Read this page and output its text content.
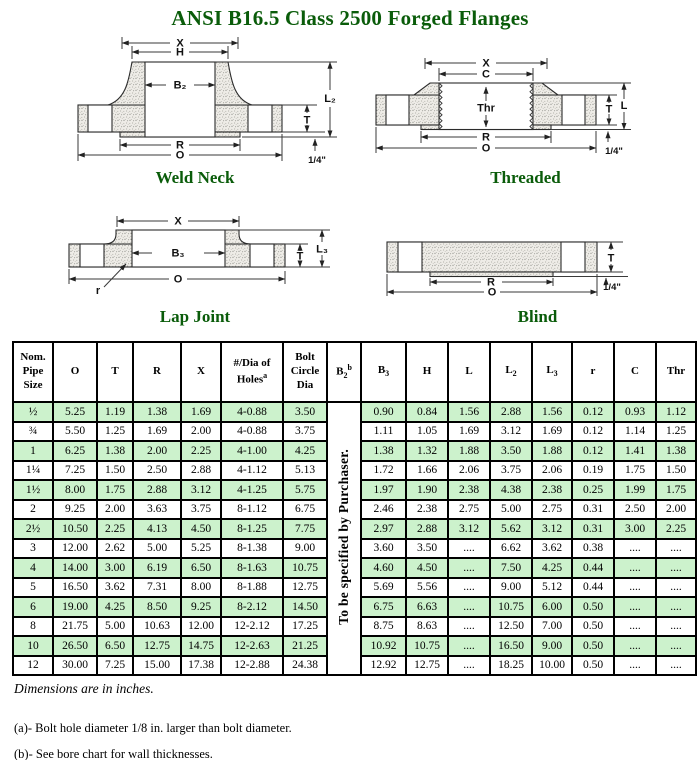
ANSI B16.5 Class 2500 Forged Flanges
X
H
B₂
L₂
T
R
O	1/4"
Weld Neck
X
C
Thr	L
T
R
O	1/4"
Threaded
X
B₃	L₃
T
O
r
Lap Joint
T
R
O	1/4"
Blind
Nom. Pipe Size	O	T	R	X	#/Dia of Holes$^a$	Bolt Circle Dia	$B_2^b$	$B_3$	H	L	$L_2$	$L_3$	r	C	Thr
½	5.25	1.19	1.38	1.69	4-0.88	3.50	To be specified by Purchaser.	0.90	0.84	1.56	2.88	1.56	0.12	0.93	1.12
¾	5.50	1.25	1.69	2.00	4-0.88	3.75		1.11	1.05	1.69	3.12	1.69	0.12	1.14	1.25
1	6.25	1.38	2.00	2.25	4-1.00	4.25		1.38	1.32	1.88	3.50	1.88	0.12	1.41	1.38
1¼	7.25	1.50	2.50	2.88	4-1.12	5.13		1.72	1.66	2.06	3.75	2.06	0.19	1.75	1.50
1½	8.00	1.75	2.88	3.12	4-1.25	5.75		1.97	1.90	2.38	4.38	2.38	0.25	1.99	1.75
2	9.25	2.00	3.63	3.75	8-1.12	6.75		2.46	2.38	2.75	5.00	2.75	0.31	2.50	2.00
2½	10.50	2.25	4.13	4.50	8-1.25	7.75		2.97	2.88	3.12	5.62	3.12	0.31	3.00	2.25
3	12.00	2.62	5.00	5.25	8-1.38	9.00		3.60	3.50	....	6.62	3.62	0.38	....	....
4	14.00	3.00	6.19	6.50	8-1.63	10.75		4.60	4.50	....	7.50	4.25	0.44	....	....
5	16.50	3.62	7.31	8.00	8-1.88	12.75		5.69	5.56	....	9.00	5.12	0.44	....	....
6	19.00	4.25	8.50	9.25	8-2.12	14.50		6.75	6.63	....	10.75	6.00	0.50	....	....
8	21.75	5.00	10.63	12.00	12-2.12	17.25		8.75	8.63	....	12.50	7.00	0.50	....	....
10	26.50	6.50	12.75	14.75	12-2.63	21.25		10.92	10.75	....	16.50	9.00	0.50	....	....
12	30.00	7.25	15.00	17.38	12-2.88	24.38		12.92	12.75	....	18.25	10.00	0.50	....	....

Dimensions are in inches.

(a)- Bolt hole diameter 1/8 in. larger than bolt diameter.

(b)- See bore chart for wall thicknesses.
